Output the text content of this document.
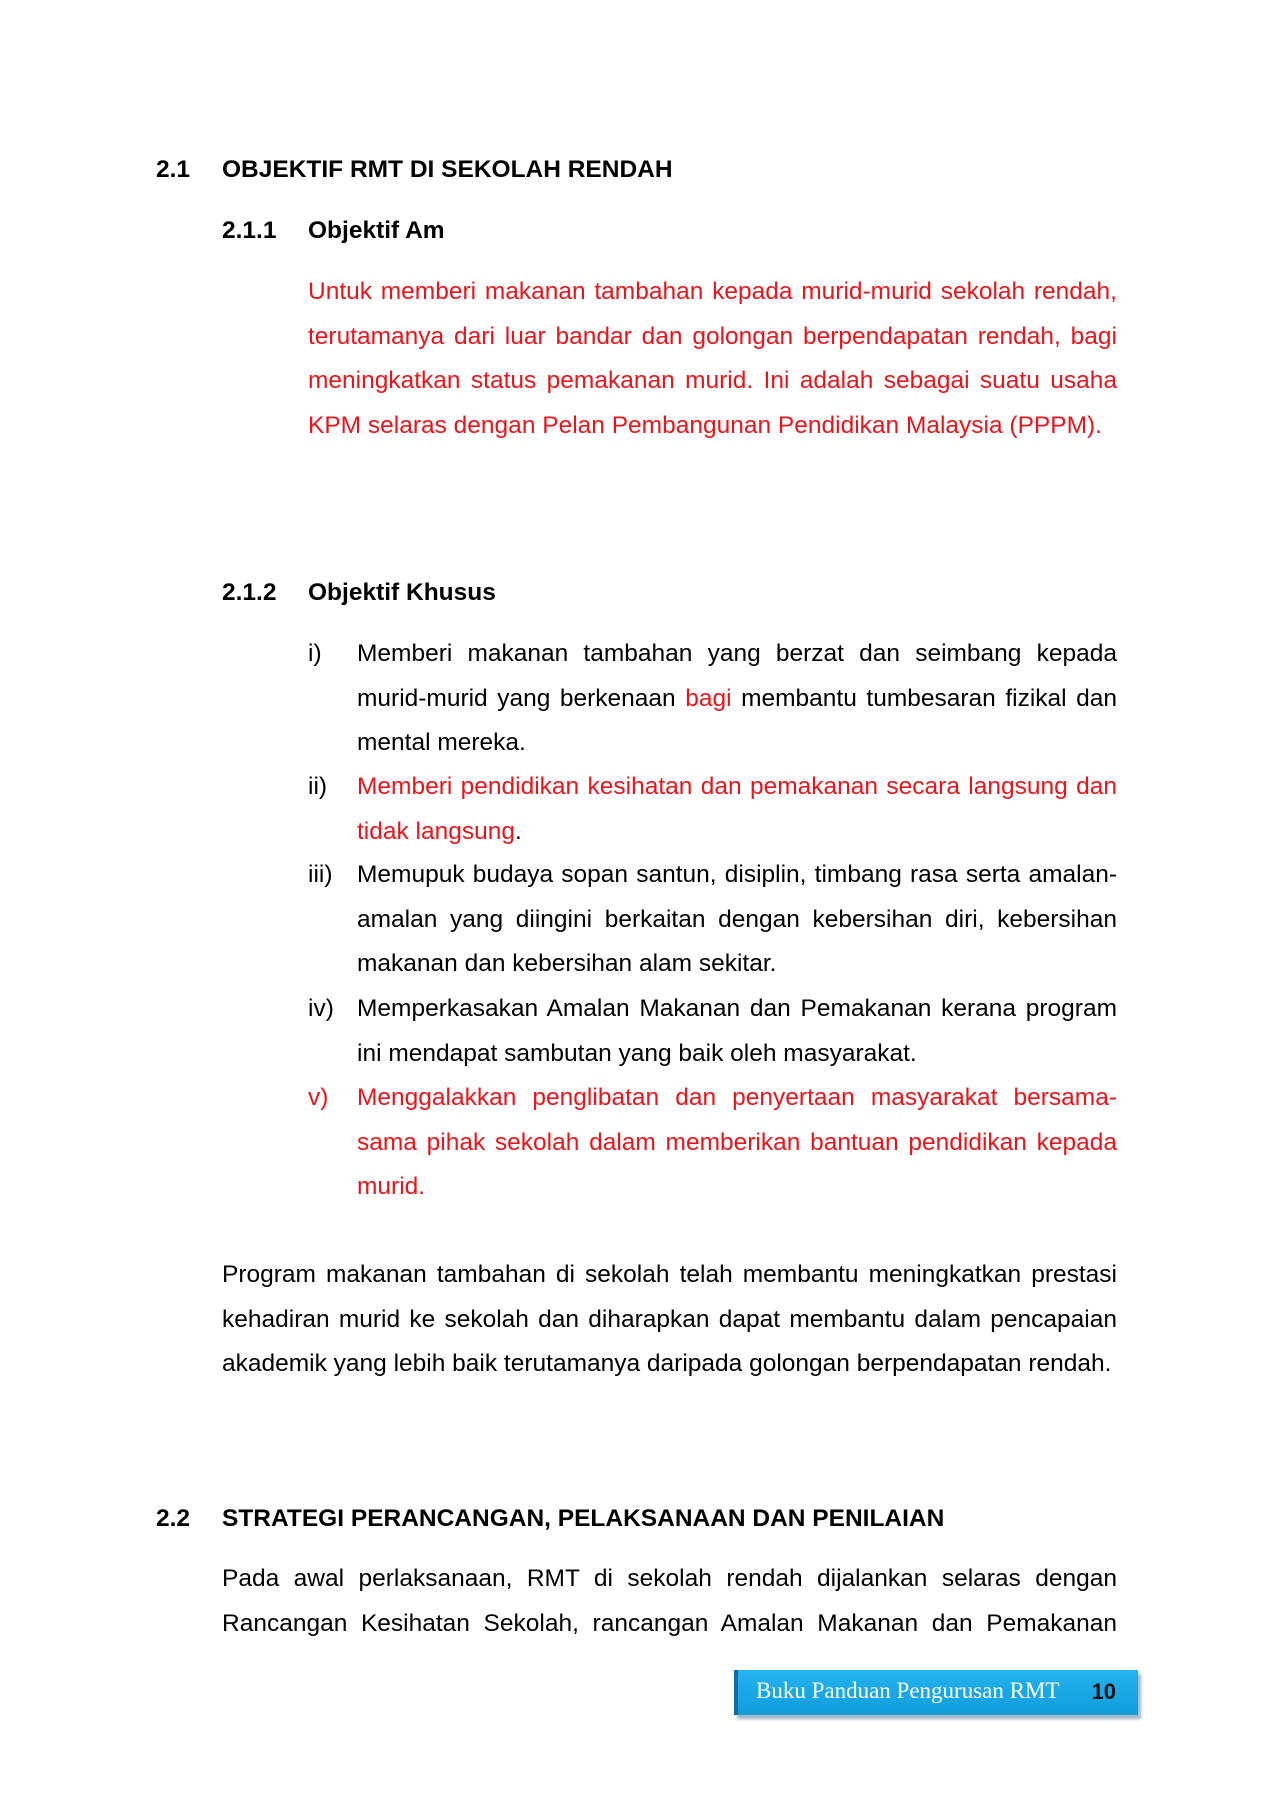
2.1 OBJEKTIF RMT DI SEKOLAH RENDAH
2.1.1 Objektif Am
Untuk memberi makanan tambahan kepada murid-murid sekolah rendah, terutamanya dari luar bandar dan golongan berpendapatan rendah, bagi meningkatkan status pemakanan murid. Ini adalah sebagai suatu usaha KPM selaras dengan Pelan Pembangunan Pendidikan Malaysia (PPPM).
2.1.2 Objektif Khusus
i) Memberi makanan tambahan yang berzat dan seimbang kepada murid-murid yang berkenaan bagi membantu tumbesaran fizikal dan mental mereka.
ii) Memberi pendidikan kesihatan dan pemakanan secara langsung dan tidak langsung.
iii) Memupuk budaya sopan santun, disiplin, timbang rasa serta amalan-amalan yang diingini berkaitan dengan kebersihan diri, kebersihan makanan dan kebersihan alam sekitar.
iv) Memperkasakan Amalan Makanan dan Pemakanan kerana program ini mendapat sambutan yang baik oleh masyarakat.
v) Menggalakkan penglibatan dan penyertaan masyarakat bersama-sama pihak sekolah dalam memberikan bantuan pendidikan kepada murid.
Program makanan tambahan di sekolah telah membantu meningkatkan prestasi kehadiran murid ke sekolah dan diharapkan dapat membantu dalam pencapaian akademik yang lebih baik terutamanya daripada golongan berpendapatan rendah.
2.2 STRATEGI PERANCANGAN, PELAKSANAAN DAN PENILAIAN
Pada awal perlaksanaan, RMT di sekolah rendah dijalankan selaras dengan Rancangan Kesihatan Sekolah, rancangan Amalan Makanan dan Pemakanan
Buku Panduan Pengurusan RMT 10
